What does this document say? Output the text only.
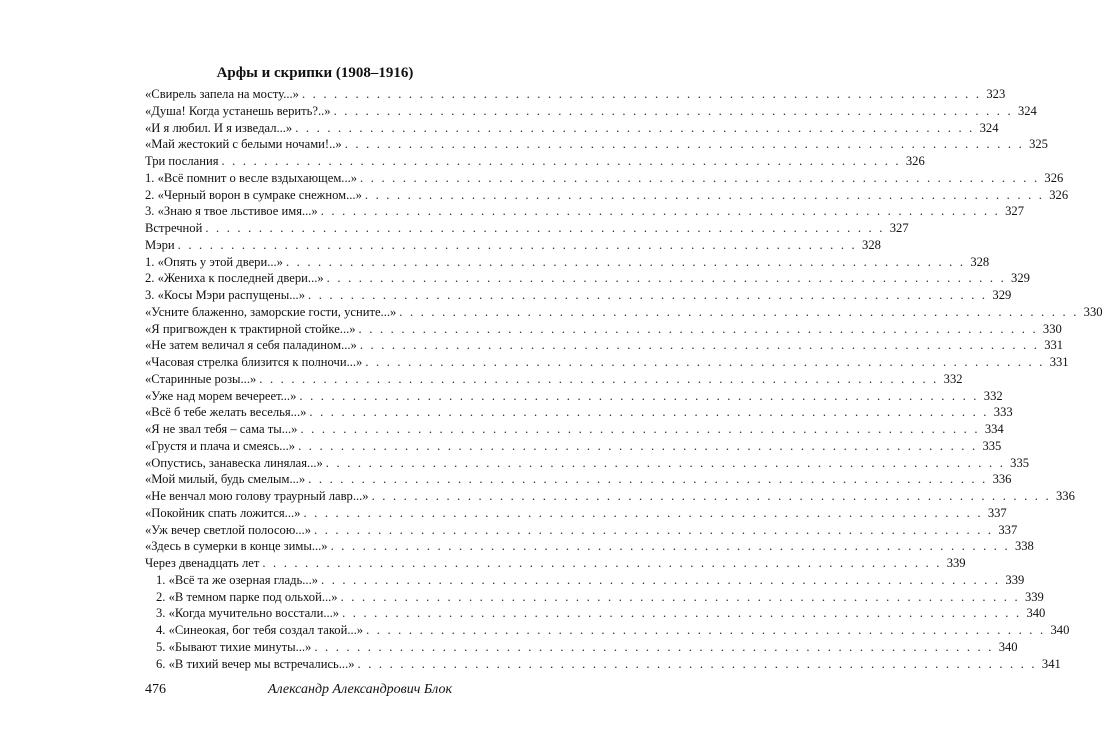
Арфы и скрипки (1908–1916)
«Свирель запела на мосту...» . . . . . . . . . . . . . . . . . . . . . . . . . . . . . . . . . . . . . . . . . . . . . . . . . . . . . . . . . . . . . . . . 323
«Душа! Когда устанешь верить?..» . . . . . . . . . . . . . . . . . . . . . . . . . . . . . . . . . . . . . . . . . . . . . . . . . . . . . . . . . . . . . . . . 324
«И я любил. И я изведал...» . . . . . . . . . . . . . . . . . . . . . . . . . . . . . . . . . . . . . . . . . . . . . . . . . . . . . . . . . . . . . . . . 324
«Май жестокий с белыми ночами!..» . . . . . . . . . . . . . . . . . . . . . . . . . . . . . . . . . . . . . . . . . . . . . . . . . . . . . . . . . . . . . . . . 325
Три послания . . . . . . . . . . . . . . . . . . . . . . . . . . . . . . . . . . . . . . . . . . . . . . . . . . . . . . . . . . . . . . . . 326
1. «Всё помнит о весле вздыхающем...» . . . . . . . . . . . . . . . . . . . . . . . . . . . . . . . . . . . . . . . . . . . . . . . . . . . . . . . . . . . . . . . . 326
2. «Черный ворон в сумраке снежном...» . . . . . . . . . . . . . . . . . . . . . . . . . . . . . . . . . . . . . . . . . . . . . . . . . . . . . . . . . . . . . . . . 326
3. «Знаю я твое льстивое имя...» . . . . . . . . . . . . . . . . . . . . . . . . . . . . . . . . . . . . . . . . . . . . . . . . . . . . . . . . . . . . . . . . 327
Встречной . . . . . . . . . . . . . . . . . . . . . . . . . . . . . . . . . . . . . . . . . . . . . . . . . . . . . . . . . . . . . . . . 327
Мэри . . . . . . . . . . . . . . . . . . . . . . . . . . . . . . . . . . . . . . . . . . . . . . . . . . . . . . . . . . . . . . . . 328
1. «Опять у этой двери...» . . . . . . . . . . . . . . . . . . . . . . . . . . . . . . . . . . . . . . . . . . . . . . . . . . . . . . . . . . . . . . . . 328
2. «Жениха к последней двери...» . . . . . . . . . . . . . . . . . . . . . . . . . . . . . . . . . . . . . . . . . . . . . . . . . . . . . . . . . . . . . . . . 329
3. «Косы Мэри распущены...» . . . . . . . . . . . . . . . . . . . . . . . . . . . . . . . . . . . . . . . . . . . . . . . . . . . . . . . . . . . . . . . . 329
«Усните блаженно, заморские гости, усните...» . . . . . . . . . . . . . . . . . . . . . . . . . . . . . . . . . . . . . . . . . . . . . . . . . . . . . . . . . . . . . . . . 330
«Я пригвожден к трактирной стойке...» . . . . . . . . . . . . . . . . . . . . . . . . . . . . . . . . . . . . . . . . . . . . . . . . . . . . . . . . . . . . . . . . 330
«Не затем величал я себя паладином...» . . . . . . . . . . . . . . . . . . . . . . . . . . . . . . . . . . . . . . . . . . . . . . . . . . . . . . . . . . . . . . . . 331
«Часовая стрелка близится к полночи...» . . . . . . . . . . . . . . . . . . . . . . . . . . . . . . . . . . . . . . . . . . . . . . . . . . . . . . . . . . . . . . . . 331
«Старинные розы...» . . . . . . . . . . . . . . . . . . . . . . . . . . . . . . . . . . . . . . . . . . . . . . . . . . . . . . . . . . . . . . . . 332
«Уже над морем вечереет...» . . . . . . . . . . . . . . . . . . . . . . . . . . . . . . . . . . . . . . . . . . . . . . . . . . . . . . . . . . . . . . . . 332
«Всё б тебе желать веселья...» . . . . . . . . . . . . . . . . . . . . . . . . . . . . . . . . . . . . . . . . . . . . . . . . . . . . . . . . . . . . . . . . 333
«Я не звал тебя – сама ты...» . . . . . . . . . . . . . . . . . . . . . . . . . . . . . . . . . . . . . . . . . . . . . . . . . . . . . . . . . . . . . . . . 334
«Грустя и плача и смеясь...» . . . . . . . . . . . . . . . . . . . . . . . . . . . . . . . . . . . . . . . . . . . . . . . . . . . . . . . . . . . . . . . . 335
«Опустись, занавеска линялая...» . . . . . . . . . . . . . . . . . . . . . . . . . . . . . . . . . . . . . . . . . . . . . . . . . . . . . . . . . . . . . . . . 335
«Мой милый, будь смелым...» . . . . . . . . . . . . . . . . . . . . . . . . . . . . . . . . . . . . . . . . . . . . . . . . . . . . . . . . . . . . . . . . 336
«Не венчал мою голову траурный лавр...» . . . . . . . . . . . . . . . . . . . . . . . . . . . . . . . . . . . . . . . . . . . . . . . . . . . . . . . . . . . . . . . . 336
«Покойник спать ложится...» . . . . . . . . . . . . . . . . . . . . . . . . . . . . . . . . . . . . . . . . . . . . . . . . . . . . . . . . . . . . . . . . 337
«Уж вечер светлой полосою...» . . . . . . . . . . . . . . . . . . . . . . . . . . . . . . . . . . . . . . . . . . . . . . . . . . . . . . . . . . . . . . . . 337
«Здесь в сумерки в конце зимы...» . . . . . . . . . . . . . . . . . . . . . . . . . . . . . . . . . . . . . . . . . . . . . . . . . . . . . . . . . . . . . . . . 338
Через двенадцать лет . . . . . . . . . . . . . . . . . . . . . . . . . . . . . . . . . . . . . . . . . . . . . . . . . . . . . . . . . . . . . . . . 339
1. «Всё та же озерная гладь...» . . . . . . . . . . . . . . . . . . . . . . . . . . . . . . . . . . . . . . . . . . . . . . . . . . . . . . . . . . . . . . . . 339
2. «В темном парке под ольхой...» . . . . . . . . . . . . . . . . . . . . . . . . . . . . . . . . . . . . . . . . . . . . . . . . . . . . . . . . . . . . . . . . 339
3. «Когда мучительно восстали...» . . . . . . . . . . . . . . . . . . . . . . . . . . . . . . . . . . . . . . . . . . . . . . . . . . . . . . . . . . . . . . . . 340
4. «Синеокая, бог тебя создал такой...» . . . . . . . . . . . . . . . . . . . . . . . . . . . . . . . . . . . . . . . . . . . . . . . . . . . . . . . . . . . . . . . . 340
5. «Бывают тихие минуты...» . . . . . . . . . . . . . . . . . . . . . . . . . . . . . . . . . . . . . . . . . . . . . . . . . . . . . . . . . . . . . . . . 340
6. «В тихий вечер мы встречались...» . . . . . . . . . . . . . . . . . . . . . . . . . . . . . . . . . . . . . . . . . . . . . . . . . . . . . . . . . . . . . . . . 341
476	Александр Александрович Блок
